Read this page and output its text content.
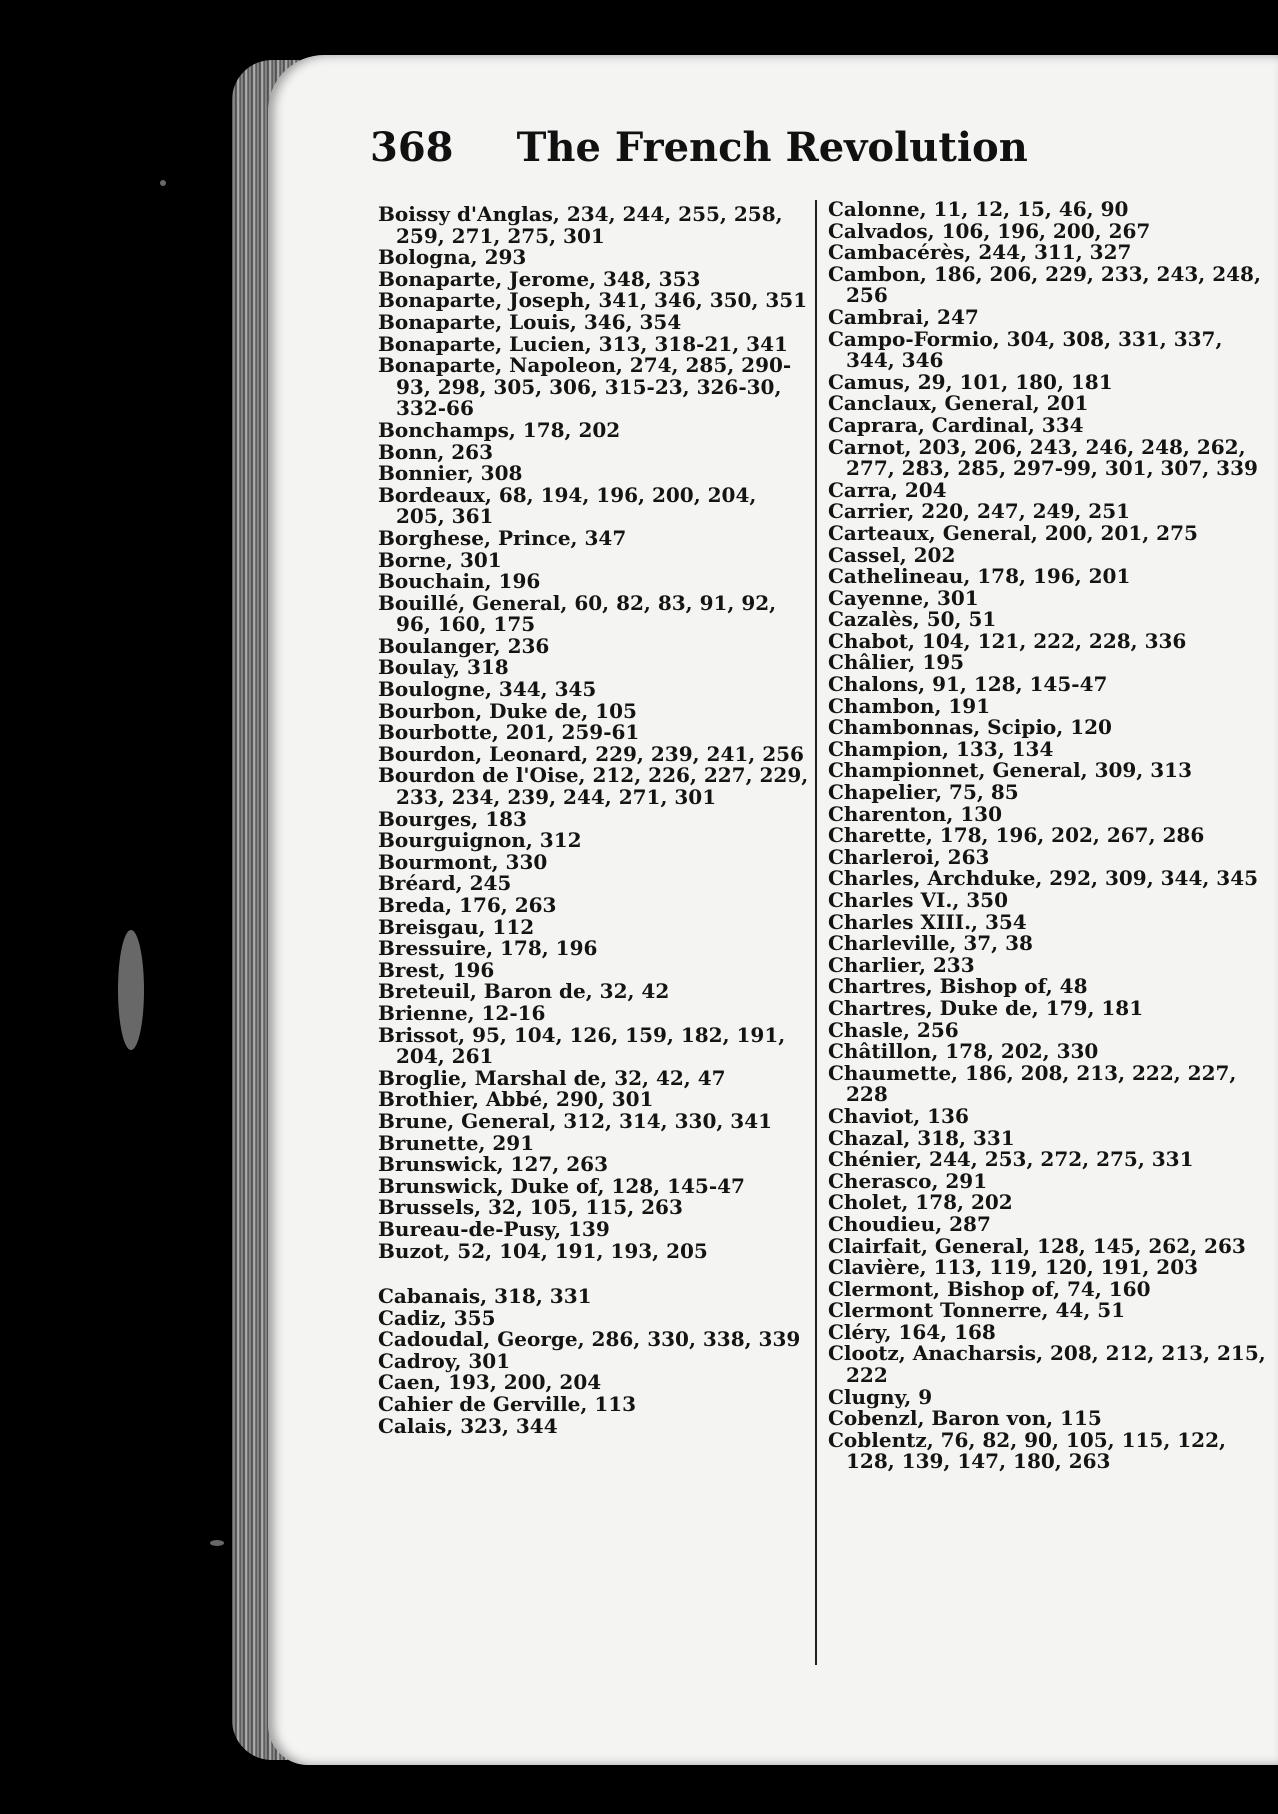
368 The French Revolution
Boissy d'Anglas, 234, 244, 255, 258, 259, 271, 275, 301
Bologna, 293
Bonaparte, Jerome, 348, 353
Bonaparte, Joseph, 341, 346, 350, 351
Bonaparte, Louis, 346, 354
Bonaparte, Lucien, 313, 318-21, 341
Bonaparte, Napoleon, 274, 285, 290-93, 298, 305, 306, 315-23, 326-30, 332-66
Bonchamps, 178, 202
Bonn, 263
Bonnier, 308
Bordeaux, 68, 194, 196, 200, 204, 205, 361
Borghese, Prince, 347
Borne, 301
Bouchain, 196
Bouillé, General, 60, 82, 83, 91, 92, 96, 160, 175
Boulanger, 236
Boulay, 318
Boulogne, 344, 345
Bourbon, Duke de, 105
Bourbotte, 201, 259-61
Bourdon, Leonard, 229, 239, 241, 256
Bourdon de l'Oise, 212, 226, 227, 229, 233, 234, 239, 244, 271, 301
Bourges, 183
Bourguignon, 312
Bourmont, 330
Bréard, 245
Breda, 176, 263
Breisgau, 112
Bressuire, 178, 196
Brest, 196
Breteuil, Baron de, 32, 42
Brienne, 12-16
Brissot, 95, 104, 126, 159, 182, 191, 204, 261
Broglie, Marshal de, 32, 42, 47
Brothier, Abbé, 290, 301
Brune, General, 312, 314, 330, 341
Brunette, 291
Brunswick, 127, 263
Brunswick, Duke of, 128, 145-47
Brussels, 32, 105, 115, 263
Bureau-de-Pusy, 139
Buzot, 52, 104, 191, 193, 205
Cabanais, 318, 331
Cadiz, 355
Cadoudal, George, 286, 330, 338, 339
Cadroy, 301
Caen, 193, 200, 204
Cahier de Gerville, 113
Calais, 323, 344
Calonne, 11, 12, 15, 46, 90
Calvados, 106, 196, 200, 267
Cambacérès, 244, 311, 327
Cambon, 186, 206, 229, 233, 243, 248, 256
Cambrai, 247
Campo-Formio, 304, 308, 331, 337, 344, 346
Camus, 29, 101, 180, 181
Canclaux, General, 201
Caprara, Cardinal, 334
Carnot, 203, 206, 243, 246, 248, 262, 277, 283, 285, 297-99, 301, 307, 339
Carra, 204
Carrier, 220, 247, 249, 251
Carteaux, General, 200, 201, 275
Cassel, 202
Cathelineau, 178, 196, 201
Cayenne, 301
Cazalès, 50, 51
Chabot, 104, 121, 222, 228, 336
Châlier, 195
Chalons, 91, 128, 145-47
Chambon, 191
Chambonnas, Scipio, 120
Champion, 133, 134
Championnet, General, 309, 313
Chapelier, 75, 85
Charenton, 130
Charette, 178, 196, 202, 267, 286
Charleroi, 263
Charles, Archduke, 292, 309, 344, 345
Charles VI., 350
Charles XIII., 354
Charleville, 37, 38
Charlier, 233
Chartres, Bishop of, 48
Chartres, Duke de, 179, 181
Chasle, 256
Châtillon, 178, 202, 330
Chaumette, 186, 208, 213, 222, 227, 228
Chaviot, 136
Chazal, 318, 331
Chénier, 244, 253, 272, 275, 331
Cherasco, 291
Cholet, 178, 202
Choudieu, 287
Clairfait, General, 128, 145, 262, 263
Clavière, 113, 119, 120, 191, 203
Clermont, Bishop of, 74, 160
Clermont Tonnerre, 44, 51
Cléry, 164, 168
Clootz, Anacharsis, 208, 212, 213, 215, 222
Clugny, 9
Cobenzl, Baron von, 115
Coblentz, 76, 82, 90, 105, 115, 122, 128, 139, 147, 180, 263
